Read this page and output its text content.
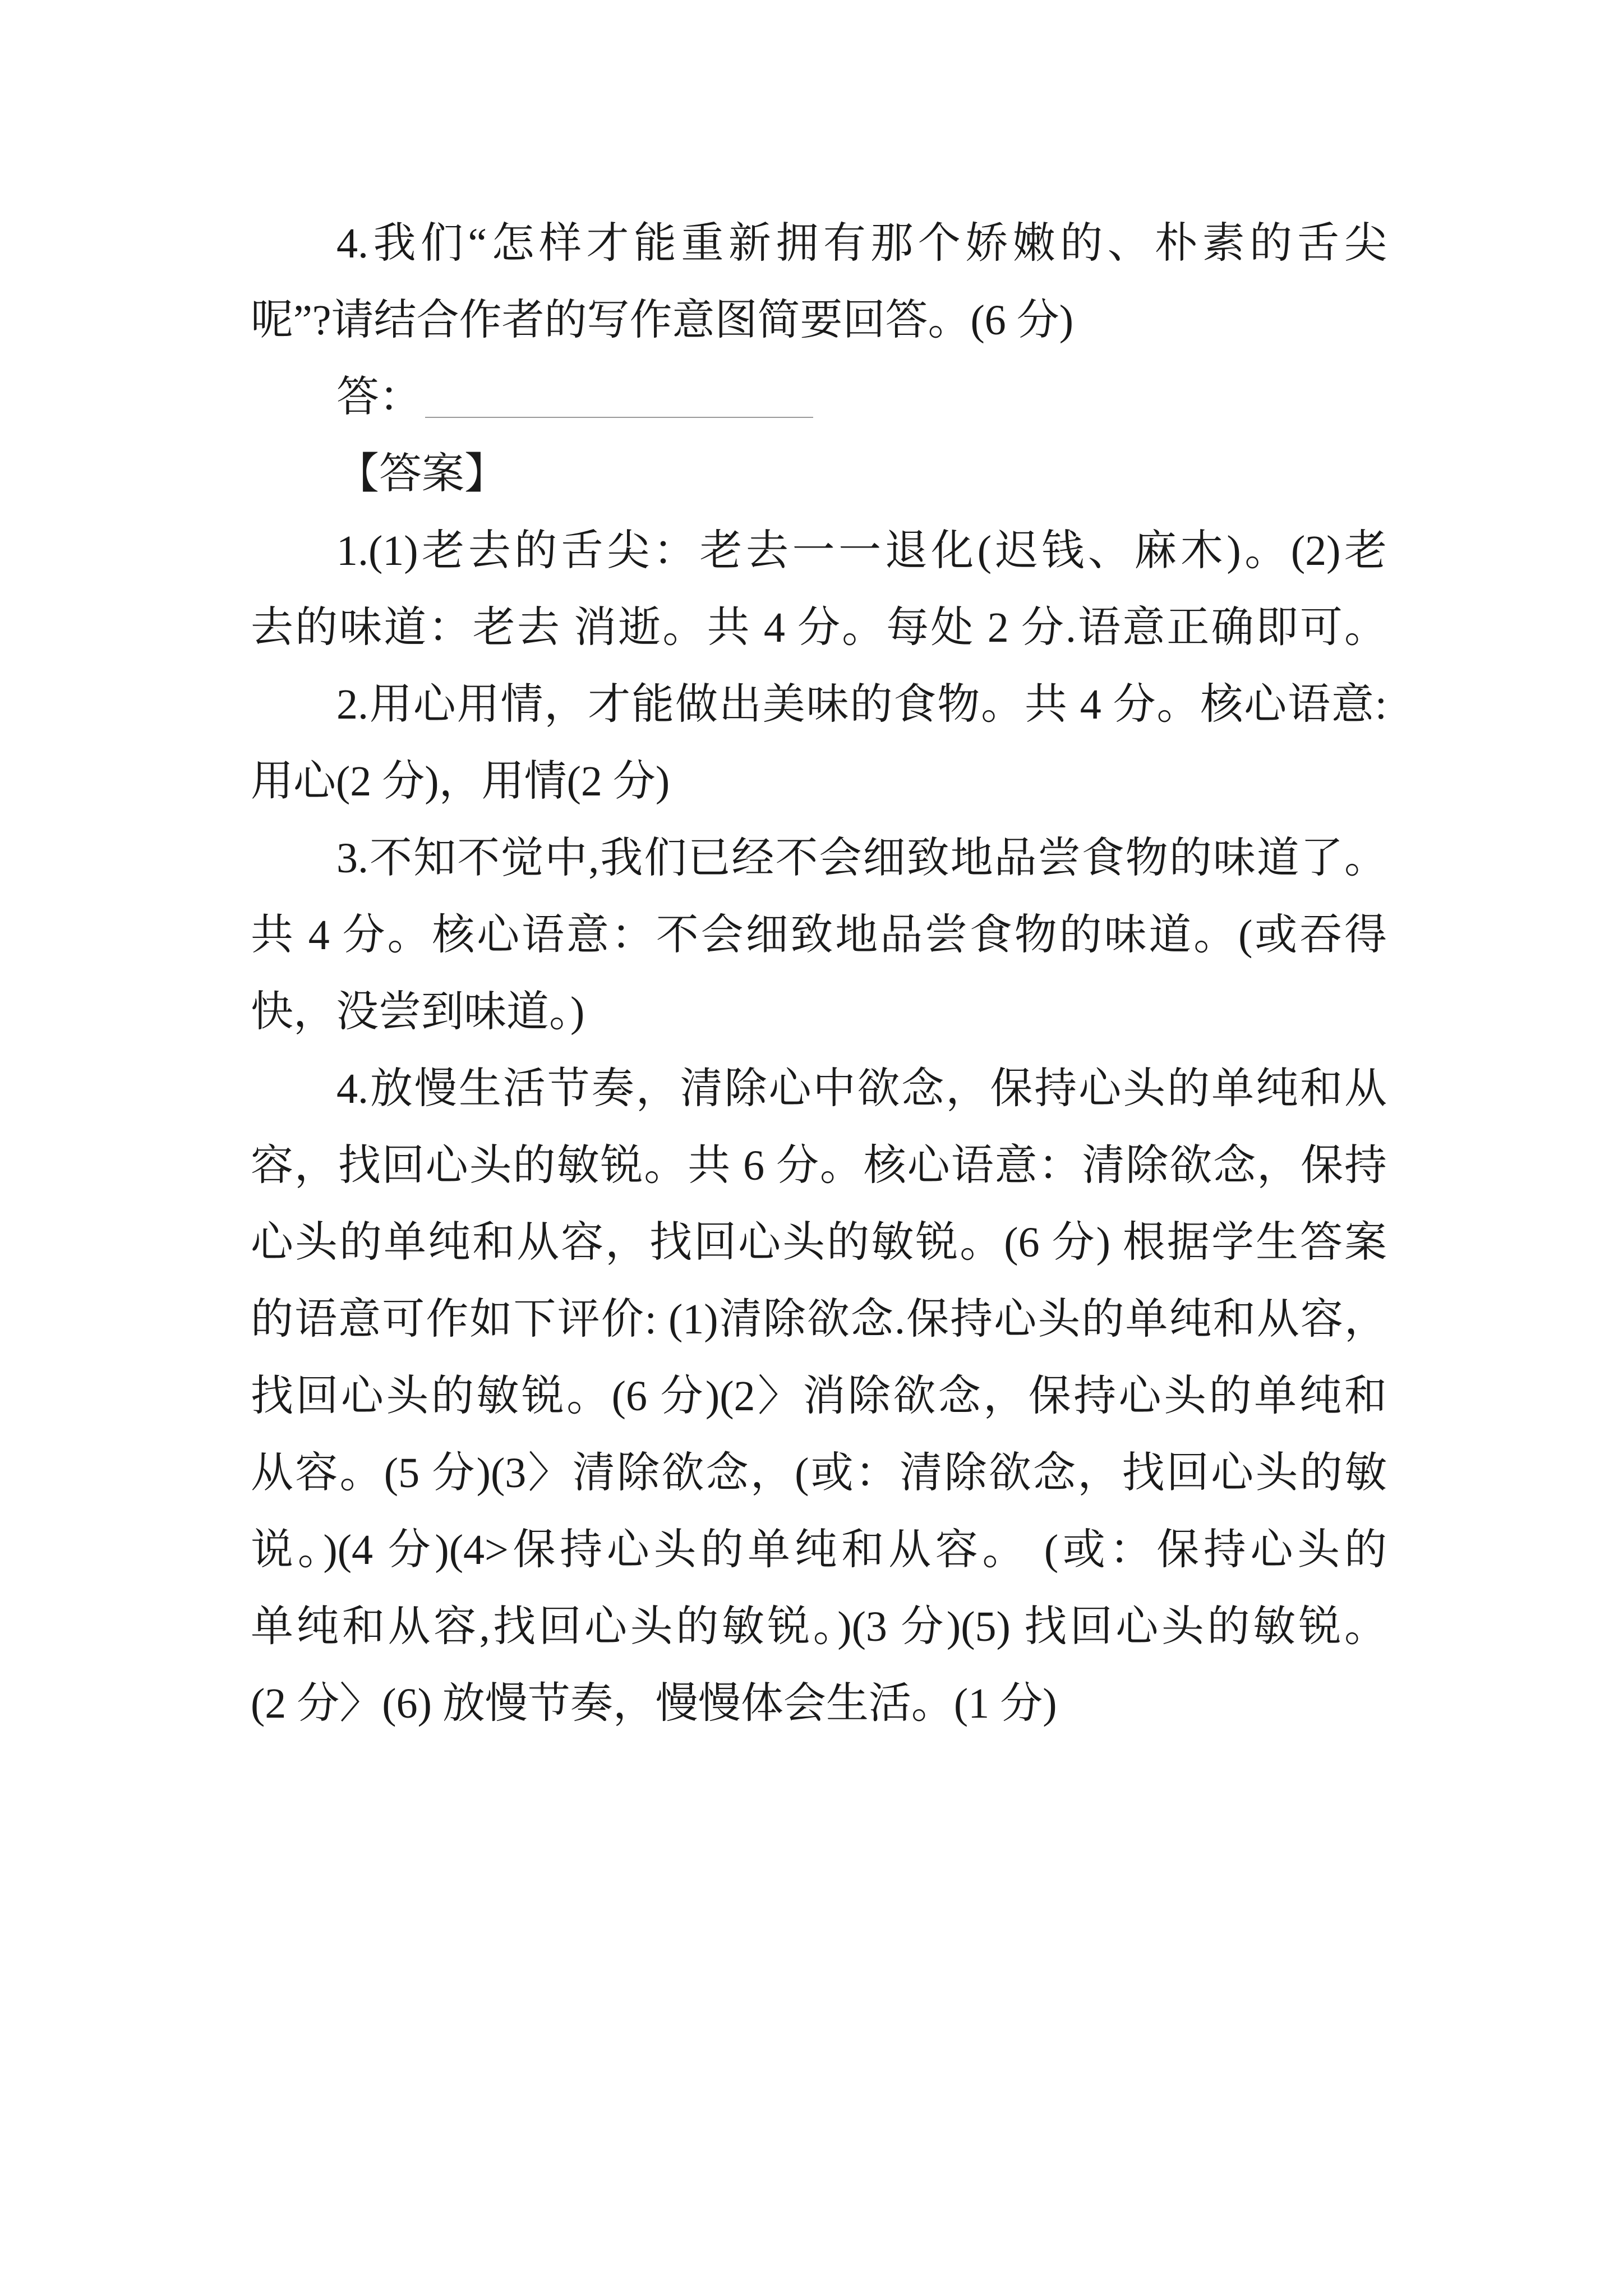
4.我们“怎样才能重新拥有那个娇嫩的、朴素的舌尖
呢”?请结合作者的写作意图简要回答。(6 分)
答：
【答案】
1.(1)老去的舌尖：老去一一退化(迟钱、麻木)。(2)老
去的味道：老去 消逝。共 4 分。每处 2 分.语意正确即可。
2.用心用情，才能做出美味的食物。共 4 分。核心语意:
用心(2 分)，用情(2 分)
3.不知不觉中,我们已经不会细致地品尝食物的味道了。
共 4 分。核心语意：不会细致地品尝食物的味道。(或吞得
快，没尝到味道。)
4.放慢生活节奏，清除心中欲念，保持心头的单纯和从
容，找回心头的敏锐。共 6 分。核心语意：清除欲念，保持
心头的单纯和从容，找回心头的敏锐。(6 分) 根据学生答案
的语意可作如下评价: (1)清除欲念.保持心头的单纯和从容，
找回心头的敏锐。(6 分)(2〉消除欲念，保持心头的单纯和
从容。(5 分)(3〉清除欲念，(或：清除欲念，找回心头的敏
说。)(4 分)(4>保持心头的单纯和从容。 (或：保持心头的
单纯和从容,找回心头的敏锐。)(3 分)(5) 找回心头的敏锐。
(2 分〉(6) 放慢节奏，慢慢体会生活。(1 分)
